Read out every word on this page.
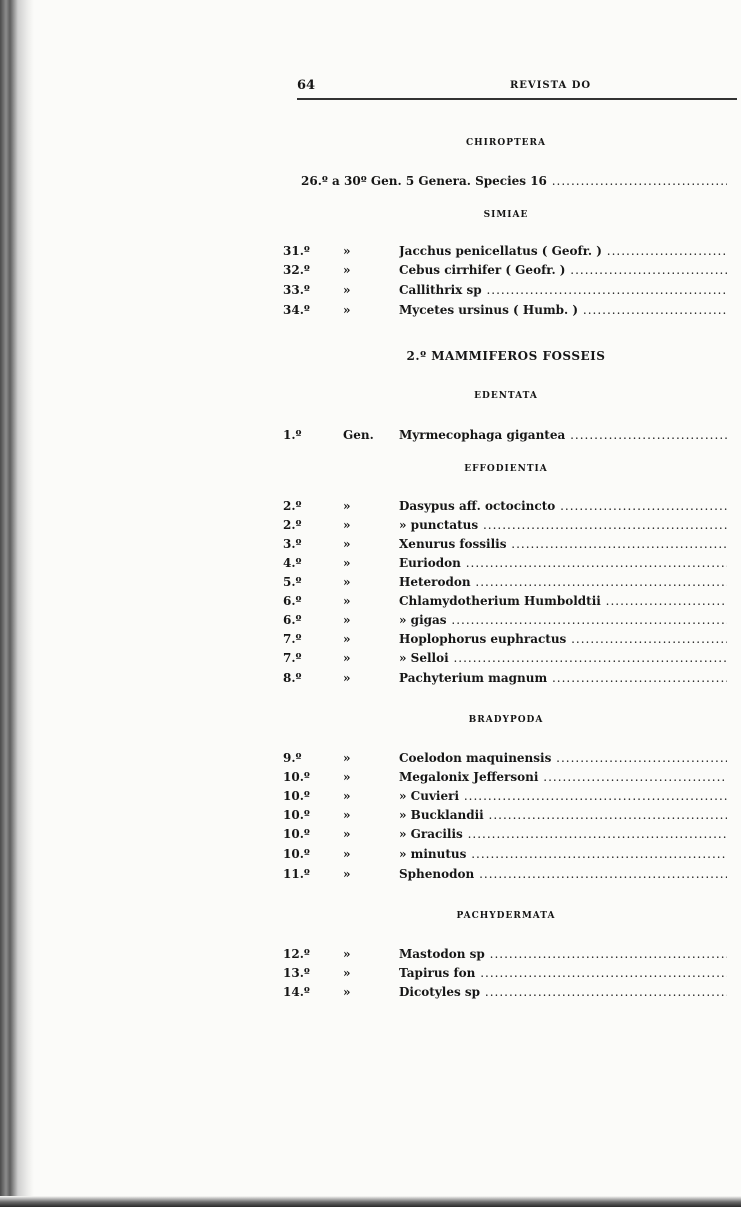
64	REVISTA DO
CHIROPTERA
26.º a 30º Gen. 5 Genera. Species 16 .....
SIMIAE
31.º	»	Jacchus penicellatus ( Geofr. ) .....
32.º	»	Cebus cirrhifer ( Geofr. ) .....
33.º	»	Callithrix sp .....
34.º	»	Mycetes ursinus ( Humb. ) .....
2.º MAMMIFEROS FOSSEIS
EDENTATA
1.º	Gen. Myrmecophaga gigantea .....
EFFODIENTIA
2.º	»	Dasypus aff. octocincto .....
2.º	»	» punctatus .....
3.º	»	Xenurus fossilis .....
4.º	»	Euriodon .....
5.º	»	Heterodon .....
6.º	»	Chlamydotherium Humboldtii .....
6.º	»	» gigas .....
7.º	»	Hoplophorus euphractus .....
7.º	»	» Selloi .....
8.º	»	Pachyterium magnum .....
BRADYPODA
9.º	»	Coelodon maquinensis .....
10.º	»	Megalonix Jeffersoni .....
10.º	»	» Cuvieri .....
10.º	»	» Bucklandii .....
10.º	»	» Gracilis .....
10.º	»	» minutus .....
11.º	»	Sphenodon .....
PACHYDERMATA
12.º	»	Mastodon sp .....
13.º	»	Tapirus fon .....
14.º	»	Dicotyles sp .....
